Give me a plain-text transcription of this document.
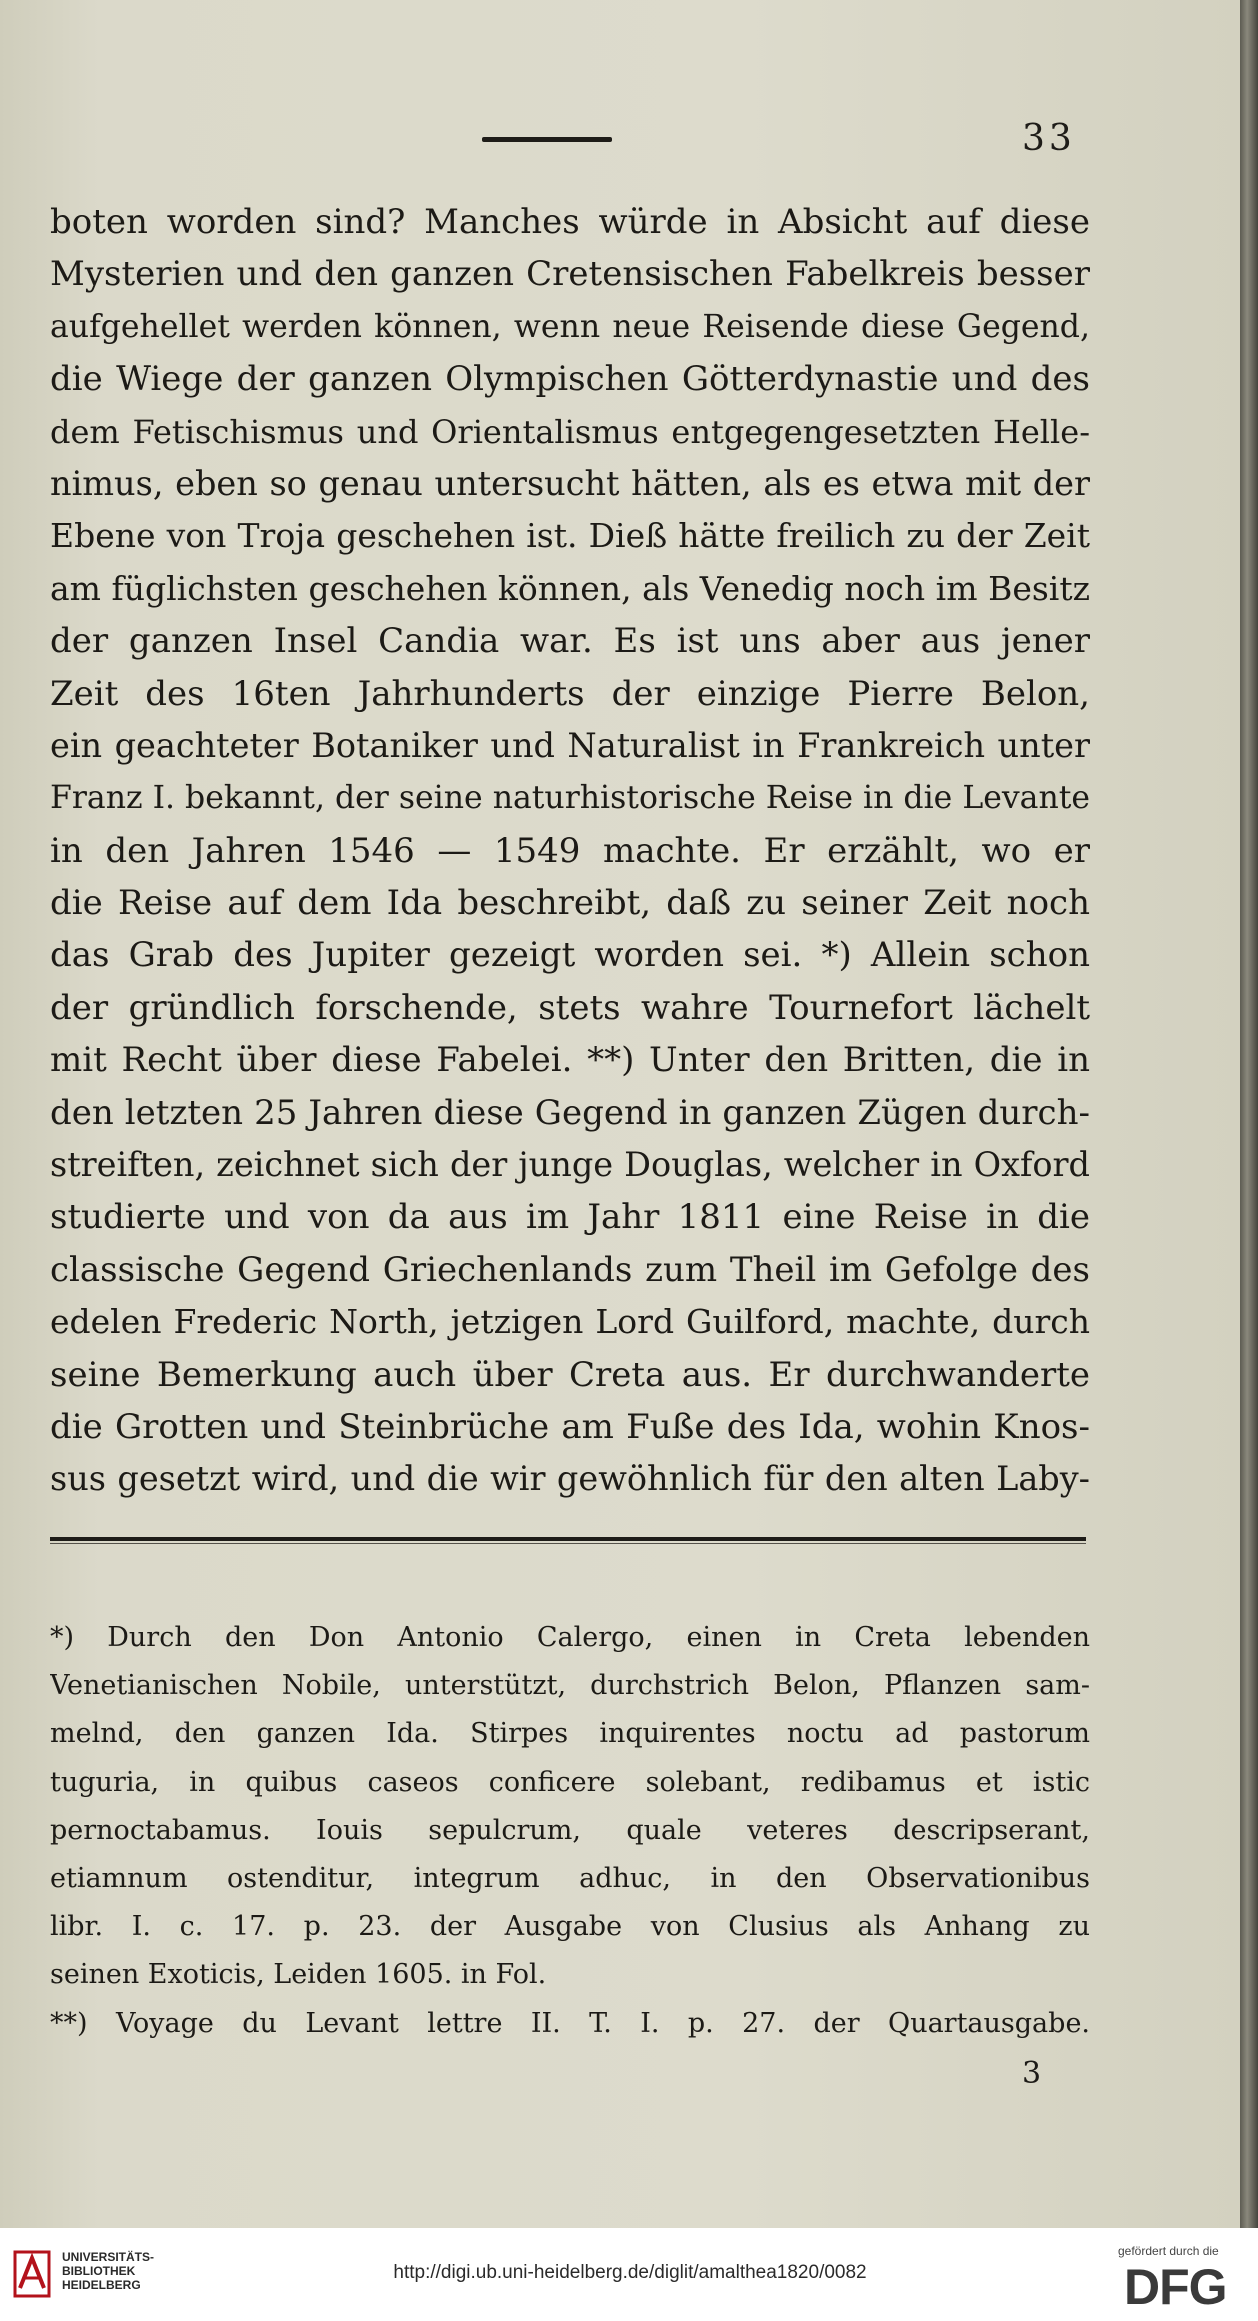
33
boten worden sind? Manches würde in Absicht auf diese
Mysterien und den ganzen Cretensischen Fabelkreis besser
aufgehellet werden können, wenn neue Reisende diese Gegend,
die Wiege der ganzen Olympischen Götterdynastie und des
dem Fetischismus und Orientalismus entgegengesetzten Helle-
nimus, eben so genau untersucht hätten, als es etwa mit der
Ebene von Troja geschehen ist. Dieß hätte freilich zu der Zeit
am füglichsten geschehen können, als Venedig noch im Besitz
der ganzen Insel Candia war. Es ist uns aber aus jener
Zeit des 16ten Jahrhunderts der einzige Pierre Belon,
ein geachteter Botaniker und Naturalist in Frankreich unter
Franz I. bekannt, der seine naturhistorische Reise in die Levante
in den Jahren 1546 — 1549 machte. Er erzählt, wo er
die Reise auf dem Ida beschreibt, daß zu seiner Zeit noch
das Grab des Jupiter gezeigt worden sei. *) Allein schon
der gründlich forschende, stets wahre Tournefort lächelt
mit Recht über diese Fabelei. **) Unter den Britten, die in
den letzten 25 Jahren diese Gegend in ganzen Zügen durch-
streiften, zeichnet sich der junge Douglas, welcher in Oxford
studierte und von da aus im Jahr 1811 eine Reise in die
classische Gegend Griechenlands zum Theil im Gefolge des
edelen Frederic North, jetzigen Lord Guilford, machte, durch
seine Bemerkung auch über Creta aus. Er durchwanderte
die Grotten und Steinbrüche am Fuße des Ida, wohin Knos-
sus gesetzt wird, und die wir gewöhnlich für den alten Laby-
*) Durch den Don Antonio Calergo, einen in Creta lebenden
Venetianischen Nobile, unterstützt, durchstrich Belon, Pflanzen sam-
melnd, den ganzen Ida. Stirpes inquirentes noctu ad pastorum
tuguria, in quibus caseos conficere solebant, redibamus et istic
pernoctabamus. Iouis sepulcrum, quale veteres descripserant,
etiamnum ostenditur, integrum adhuc, in den Observationibus
libr. I. c. 17. p. 23. der Ausgabe von Clusius als Anhang zu
seinen Exoticis, Leiden 1605. in Fol.
**) Voyage du Levant lettre II. T. I. p. 27. der Quartausgabe.
3
UNIVERSITÄTS-
BIBLIOTHEK
HEIDELBERG
http://digi.ub.uni-heidelberg.de/diglit/amalthea1820/0082
gefördert durch die
DFG
